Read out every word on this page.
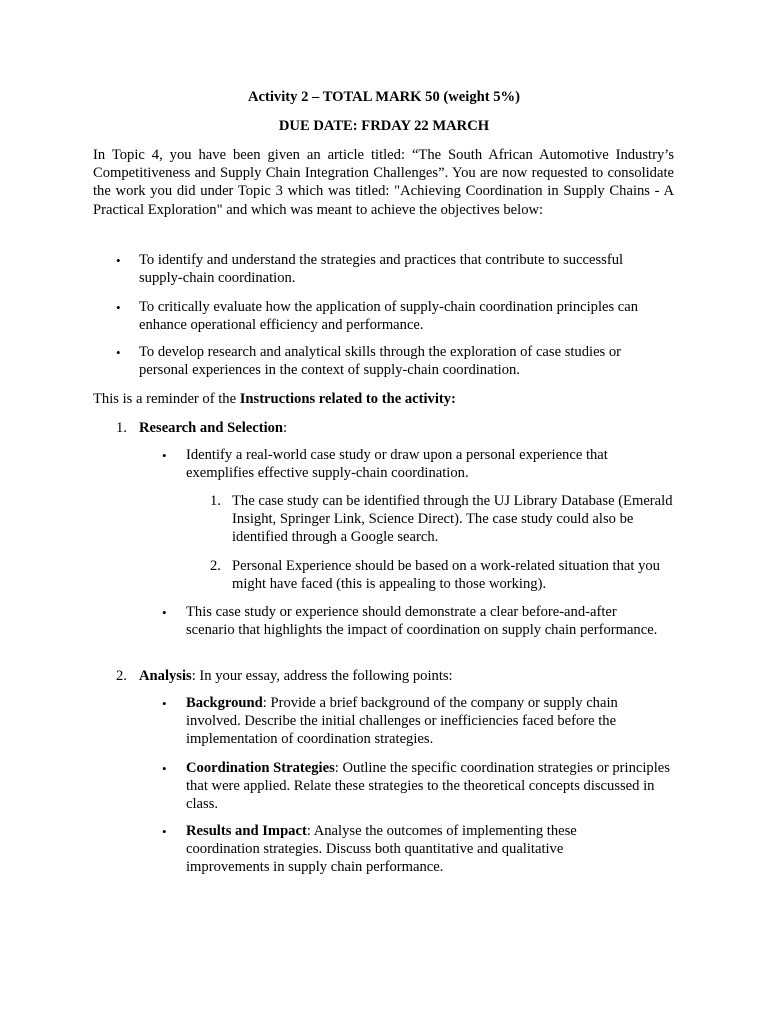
Activity 2 – TOTAL MARK 50 (weight 5%)
DUE DATE: FRDAY 22 MARCH
In Topic 4, you have been given an article titled: “The South African Automotive Industry’s Competitiveness and Supply Chain Integration Challenges”. You are now requested to consolidate the work you did under Topic 3 which was titled: "Achieving Coordination in Supply Chains - A Practical Exploration" and which was meant to achieve the objectives below:
• To identify and understand the strategies and practices that contribute to successful supply-chain coordination.
• To critically evaluate how the application of supply-chain coordination principles can enhance operational efficiency and performance.
• To develop research and analytical skills through the exploration of case studies or personal experiences in the context of supply-chain coordination.
This is a reminder of the Instructions related to the activity:
1. Research and Selection:
• Identify a real-world case study or draw upon a personal experience that exemplifies effective supply-chain coordination.
1. The case study can be identified through the UJ Library Database (Emerald Insight, Springer Link, Science Direct). The case study could also be identified through a Google search.
2. Personal Experience should be based on a work-related situation that you might have faced (this is appealing to those working).
• This case study or experience should demonstrate a clear before-and-after scenario that highlights the impact of coordination on supply chain performance.
2. Analysis: In your essay, address the following points:
• Background: Provide a brief background of the company or supply chain involved. Describe the initial challenges or inefficiencies faced before the implementation of coordination strategies.
• Coordination Strategies: Outline the specific coordination strategies or principles that were applied. Relate these strategies to the theoretical concepts discussed in class.
• Results and Impact: Analyse the outcomes of implementing these coordination strategies. Discuss both quantitative and qualitative improvements in supply chain performance.
